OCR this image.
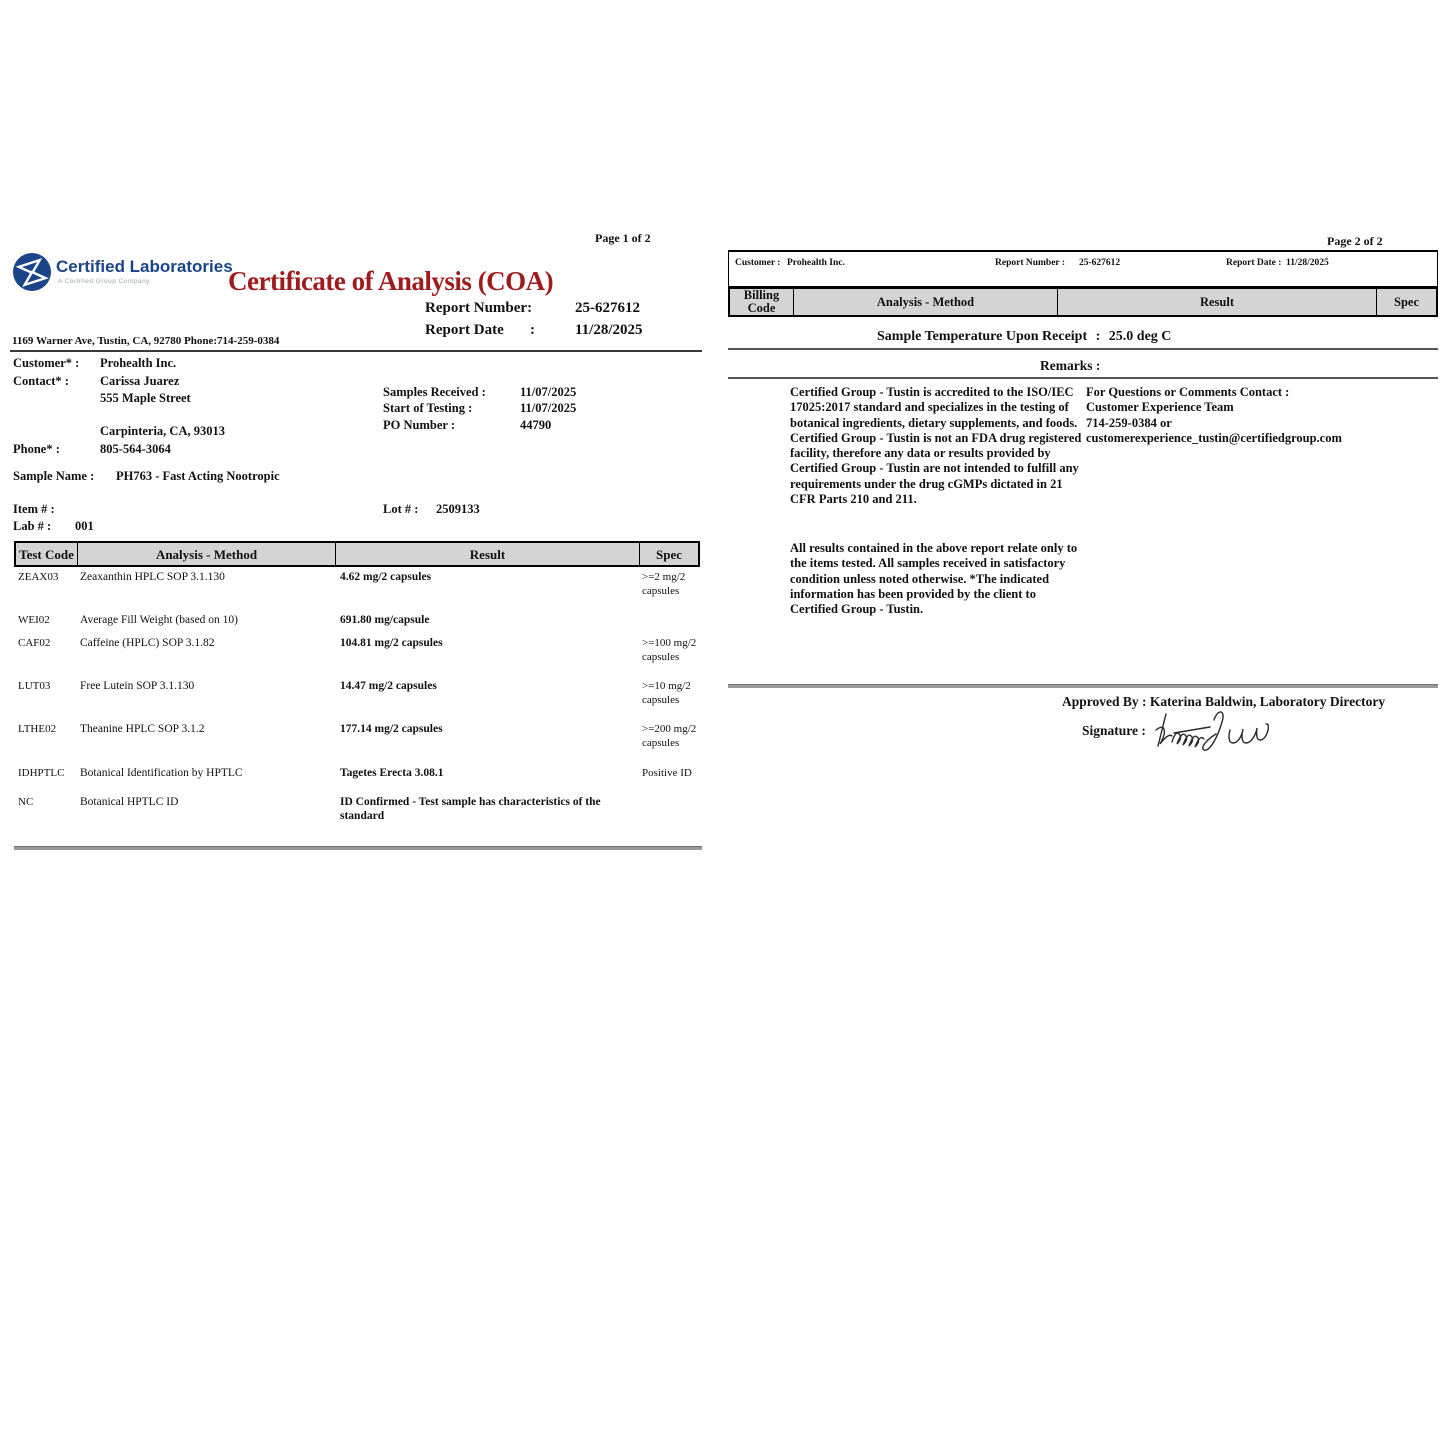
Page 1 of 2
Certified Laboratories
A Certified Group Company	Certificate of Analysis (COA)
Report Number:	25-627612
Report Date :	11/28/2025
1169 Warner Ave, Tustin, CA, 92780 Phone:714-259-0384
Customer* : Prohealth Inc.
Contact* : Carissa Juarez
555 Maple Street
Carpinteria, CA, 93013
Phone* :	805-564-3064
Samples Received :	11/07/2025
Start of Testing :	11/07/2025
PO Number :	44790
Sample Name : PH763 - Fast Acting Nootropic
Item # :	Lot # : 2509133
Lab # : 001
Test Code	Analysis - Method	Result	Spec
ZEAX03 Zeaxanthin HPLC SOP 3.1.130	4.62 mg/2 capsules	>=2 mg/2 capsules
WEI02	Average Fill Weight (based on 10)	691.80 mg/capsule
CAF02	Caffeine (HPLC) SOP 3.1.82	104.81 mg/2 capsules	>=100 mg/2 capsules
LUT03	Free Lutein SOP 3.1.130	14.47 mg/2 capsules	>=10 mg/2 capsules
LTHE02 Theanine HPLC SOP 3.1.2	177.14 mg/2 capsules	>=200 mg/2 capsules
IDHPTLC Botanical Identification by HPTLC	Tagetes Erecta 3.08.1	Positive ID
NC	Botanical HPTLC ID	ID Confirmed - Test sample has characteristics of the standard
Page 2 of 2
Customer : Prohealth Inc.	Report Number : 25-627612	Report Date : 11/28/2025
Billing Code	Analysis - Method	Result	Spec
Sample Temperature Upon Receipt : 25.0 deg C
Remarks :
Certified Group - Tustin is accredited to the ISO/IEC 17025:2017 standard and specializes in the testing of botanical ingredients, dietary supplements, and foods. Certified Group - Tustin is not an FDA drug registered facility, therefore any data or results provided by Certified Group - Tustin are not intended to fulfill any requirements under the drug cGMPs dictated in 21 CFR Parts 210 and 211.
All results contained in the above report relate only to the items tested. All samples received in satisfactory condition unless noted otherwise. *The indicated information has been provided by the client to Certified Group - Tustin.
For Questions or Comments Contact :
Customer Experience Team
714-259-0384 or
customerexperience_tustin@certifiedgroup.com
Approved By : Katerina Baldwin, Laboratory Directory
Signature :
